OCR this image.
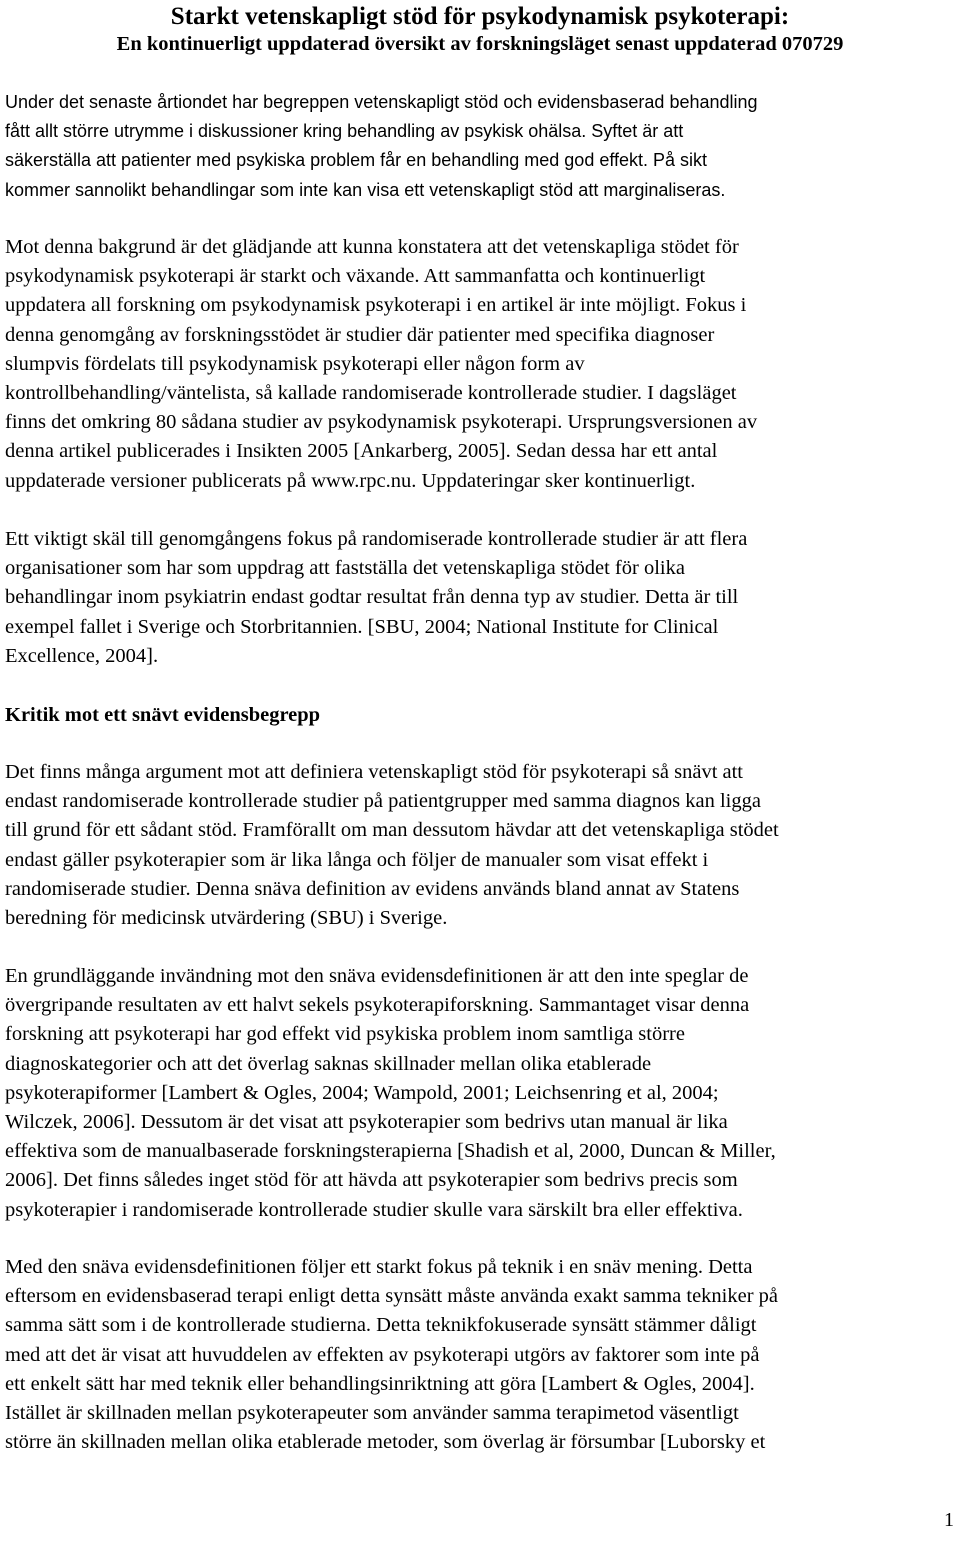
Starkt vetenskapligt stöd för psykodynamisk psykoterapi:
En kontinuerligt uppdaterad översikt av forskningsläget senast uppdaterad 070729
Under det senaste årtiondet har begreppen vetenskapligt stöd och evidensbaserad behandling
fått allt större utrymme i diskussioner kring behandling av psykisk ohälsa. Syftet är att
säkerställa att patienter med psykiska problem får en behandling med god effekt. På sikt
kommer sannolikt behandlingar som inte kan visa ett vetenskapligt stöd att marginaliseras.
Mot denna bakgrund är det glädjande att kunna konstatera att det vetenskapliga stödet för
psykodynamisk psykoterapi är starkt och växande. Att sammanfatta och kontinuerligt
uppdatera all forskning om psykodynamisk psykoterapi i en artikel är inte möjligt. Fokus i
denna genomgång av forskningsstödet är studier där patienter med specifika diagnoser
slumpvis fördelats till psykodynamisk psykoterapi eller någon form av
kontrollbehandling/väntelista, så kallade randomiserade kontrollerade studier. I dagsläget
finns det omkring 80 sådana studier av psykodynamisk psykoterapi. Ursprungsversionen av
denna artikel publicerades i Insikten 2005 [Ankarberg, 2005]. Sedan dessa har ett antal
uppdaterade versioner publicerats på www.rpc.nu. Uppdateringar sker kontinuerligt.
Ett viktigt skäl till genomgångens fokus på randomiserade kontrollerade studier är att flera
organisationer som har som uppdrag att fastställa det vetenskapliga stödet för olika
behandlingar inom psykiatrin endast godtar resultat från denna typ av studier. Detta är till
exempel fallet i Sverige och Storbritannien. [SBU, 2004; National Institute for Clinical
Excellence, 2004].
Kritik mot ett snävt evidensbegrepp
Det finns många argument mot att definiera vetenskapligt stöd för psykoterapi så snävt att
endast randomiserade kontrollerade studier på patientgrupper med samma diagnos kan ligga
till grund för ett sådant stöd. Framförallt om man dessutom hävdar att det vetenskapliga stödet
endast gäller psykoterapier som är lika långa och följer de manualer som visat effekt i
randomiserade studier. Denna snäva definition av evidens används bland annat av Statens
beredning för medicinsk utvärdering (SBU) i Sverige.
En grundläggande invändning mot den snäva evidensdefinitionen är att den inte speglar de
övergripande resultaten av ett halvt sekels psykoterapiforskning. Sammantaget visar denna
forskning att psykoterapi har god effekt vid psykiska problem inom samtliga större
diagnoskategorier och att det överlag saknas skillnader mellan olika etablerade
psykoterapiformer [Lambert & Ogles, 2004; Wampold, 2001; Leichsenring et al, 2004;
Wilczek, 2006]. Dessutom är det visat att psykoterapier som bedrivs utan manual är lika
effektiva som de manualbaserade forskningsterapierna [Shadish et al, 2000, Duncan & Miller,
2006]. Det finns således inget stöd för att hävda att psykoterapier som bedrivs precis som
psykoterapier i randomiserade kontrollerade studier skulle vara särskilt bra eller effektiva.
Med den snäva evidensdefinitionen följer ett starkt fokus på teknik i en snäv mening. Detta
eftersom en evidensbaserad terapi enligt detta synsätt måste använda exakt samma tekniker på
samma sätt som i de kontrollerade studierna. Detta teknikfokuserade synsätt stämmer dåligt
med att det är visat att huvuddelen av effekten av psykoterapi utgörs av faktorer som inte på
ett enkelt sätt har med teknik eller behandlingsinriktning att göra [Lambert & Ogles, 2004].
Istället är skillnaden mellan psykoterapeuter som använder samma terapimetod väsentligt
större än skillnaden mellan olika etablerade metoder, som överlag är försumbar [Luborsky et
1
